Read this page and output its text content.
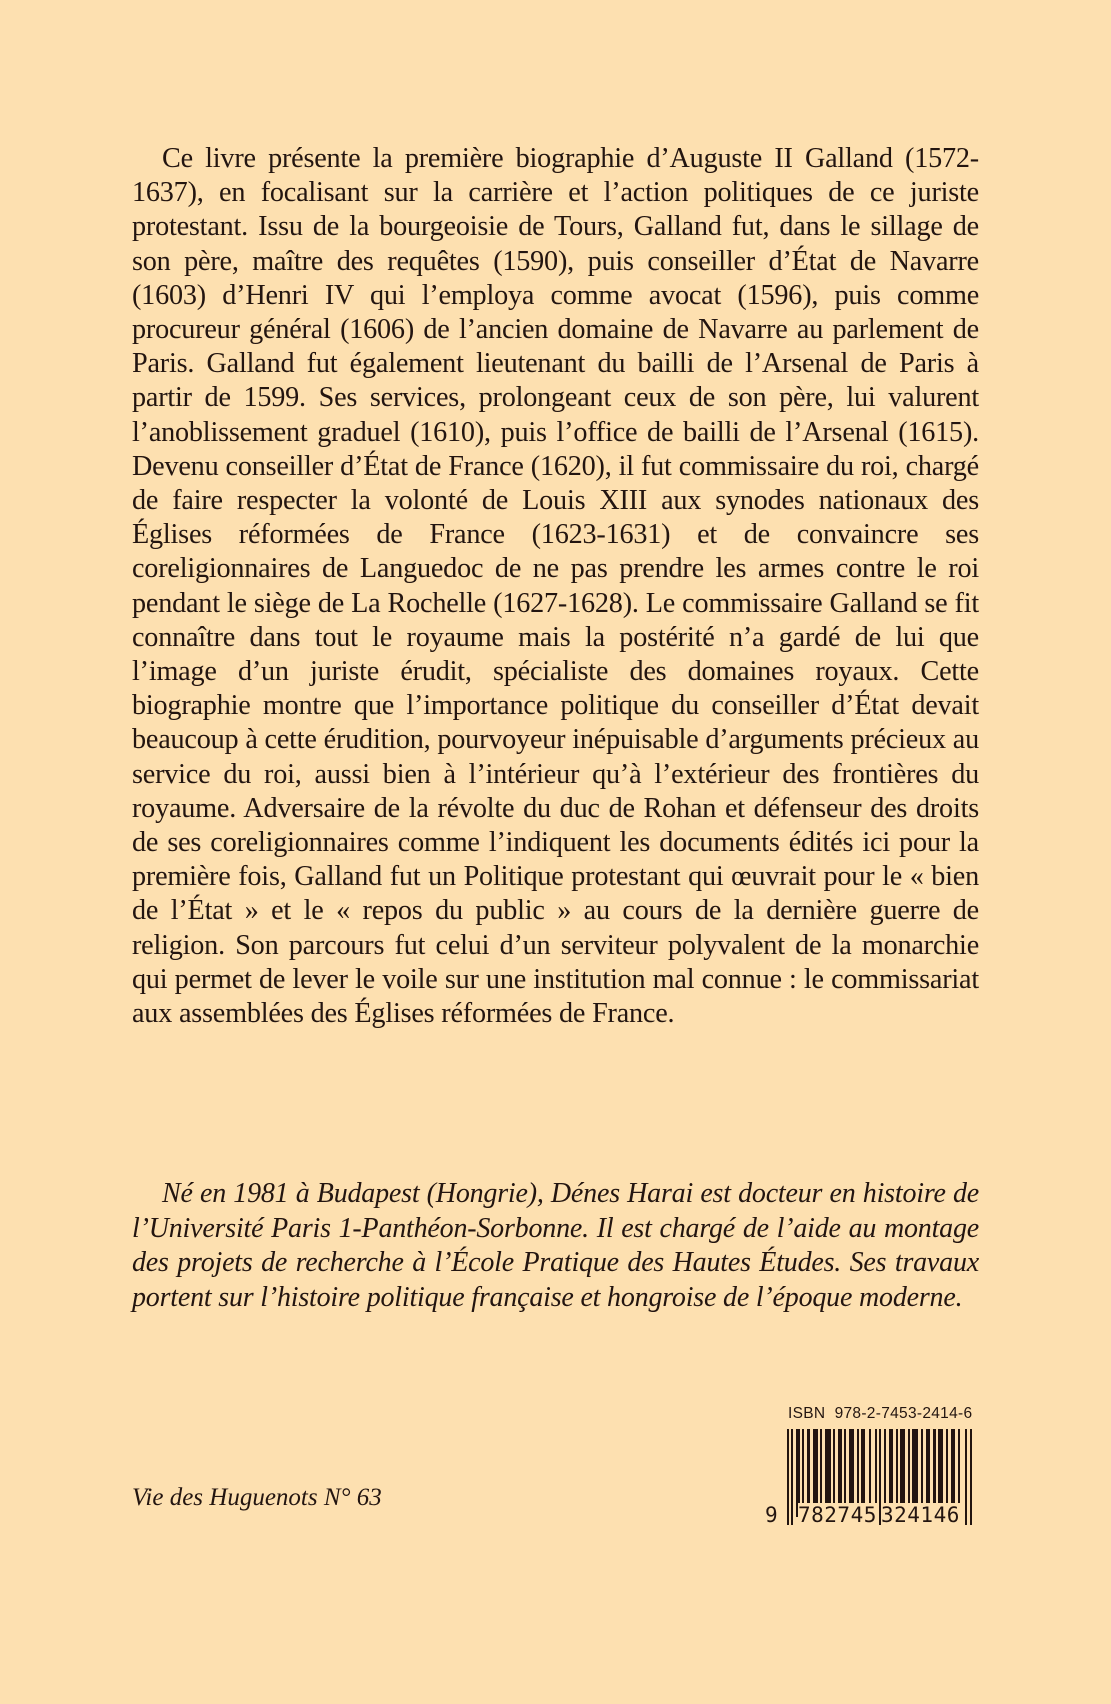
Ce livre présente la première biographie d’Auguste II Galland (1572-1637), en focalisant sur la carrière et l’action politiques de ce juriste protestant. Issu de la bourgeoisie de Tours, Galland fut, dans le sillage de son père, maître des requêtes (1590), puis conseiller d’État de Navarre (1603) d’Henri IV qui l’employa comme avocat (1596), puis comme procureur général (1606) de l’ancien domaine de Navarre au parlement de Paris. Galland fut également lieutenant du bailli de l’Arsenal de Paris à partir de 1599. Ses services, prolongeant ceux de son père, lui valurent l’anoblissement graduel (1610), puis l’office de bailli de l’Arsenal (1615). Devenu conseiller d’État de France (1620), il fut commissaire du roi, chargé de faire respecter la volonté de Louis XIII aux synodes nationaux des Églises réformées de France (1623-1631) et de convaincre ses coreligionnaires de Languedoc de ne pas prendre les armes contre le roi pendant le siège de La Rochelle (1627-1628). Le commissaire Galland se fit connaître dans tout le royaume mais la postérité n’a gardé de lui que l’image d’un juriste érudit, spécialiste des domaines royaux. Cette biographie montre que l’importance politique du conseiller d’État devait beaucoup à cette érudition, pourvoyeur inépuisable d’arguments précieux au service du roi, aussi bien à l’intérieur qu’à l’extérieur des frontières du royaume. Adversaire de la révolte du duc de Rohan et défenseur des droits de ses coreligionnaires comme l’indiquent les documents édités ici pour la première fois, Galland fut un Politique protestant qui œuvrait pour le « bien de l’État » et le « repos du public » au cours de la dernière guerre de religion. Son parcours fut celui d’un serviteur polyvalent de la monarchie qui permet de lever le voile sur une institution mal connue : le commissariat aux assemblées des Églises réformées de France.
Né en 1981 à Budapest (Hongrie), Dénes Harai est docteur en histoire de l’Université Paris 1-Panthéon-Sorbonne. Il est chargé de l’aide au montage des projets de recherche à l’École Pratique des Hautes Études. Ses travaux portent sur l’histoire politique française et hongroise de l’époque moderne.
Vie des Huguenots N° 63
ISBN  978-2-7453-2414-6
9 782745 324146
